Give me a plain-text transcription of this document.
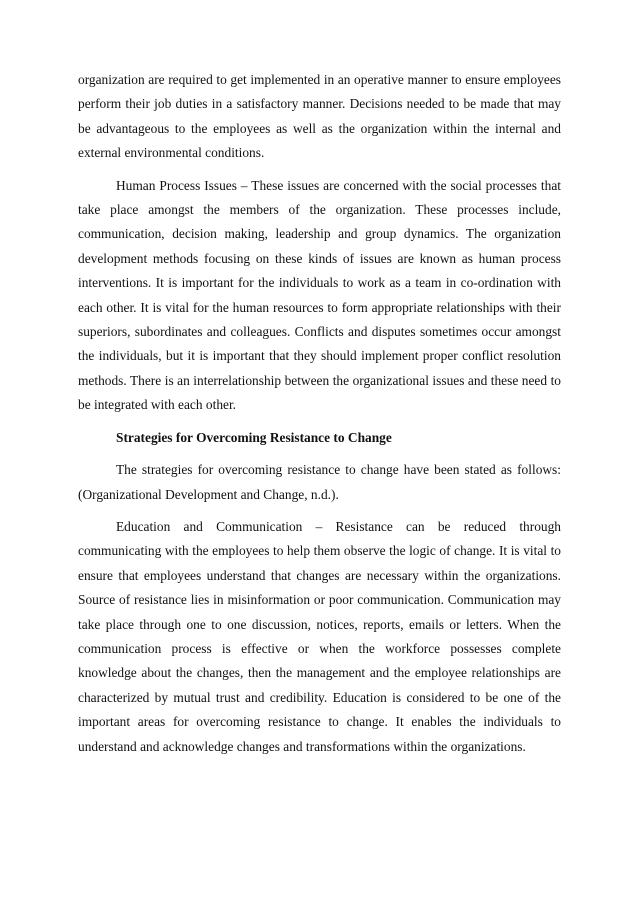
organization are required to get implemented in an operative manner to ensure employees perform their job duties in a satisfactory manner. Decisions needed to be made that may be advantageous to the employees as well as the organization within the internal and external environmental conditions.

Human Process Issues – These issues are concerned with the social processes that take place amongst the members of the organization. These processes include, communication, decision making, leadership and group dynamics. The organization development methods focusing on these kinds of issues are known as human process interventions. It is important for the individuals to work as a team in co-ordination with each other. It is vital for the human resources to form appropriate relationships with their superiors, subordinates and colleagues. Conflicts and disputes sometimes occur amongst the individuals, but it is important that they should implement proper conflict resolution methods. There is an interrelationship between the organizational issues and these need to be integrated with each other.

Strategies for Overcoming Resistance to Change

The strategies for overcoming resistance to change have been stated as follows: (Organizational Development and Change, n.d.).

Education and Communication – Resistance can be reduced through communicating with the employees to help them observe the logic of change. It is vital to ensure that employees understand that changes are necessary within the organizations. Source of resistance lies in misinformation or poor communication. Communication may take place through one to one discussion, notices, reports, emails or letters. When the communication process is effective or when the workforce possesses complete knowledge about the changes, then the management and the employee relationships are characterized by mutual trust and credibility. Education is considered to be one of the important areas for overcoming resistance to change. It enables the individuals to understand and acknowledge changes and transformations within the organizations.
